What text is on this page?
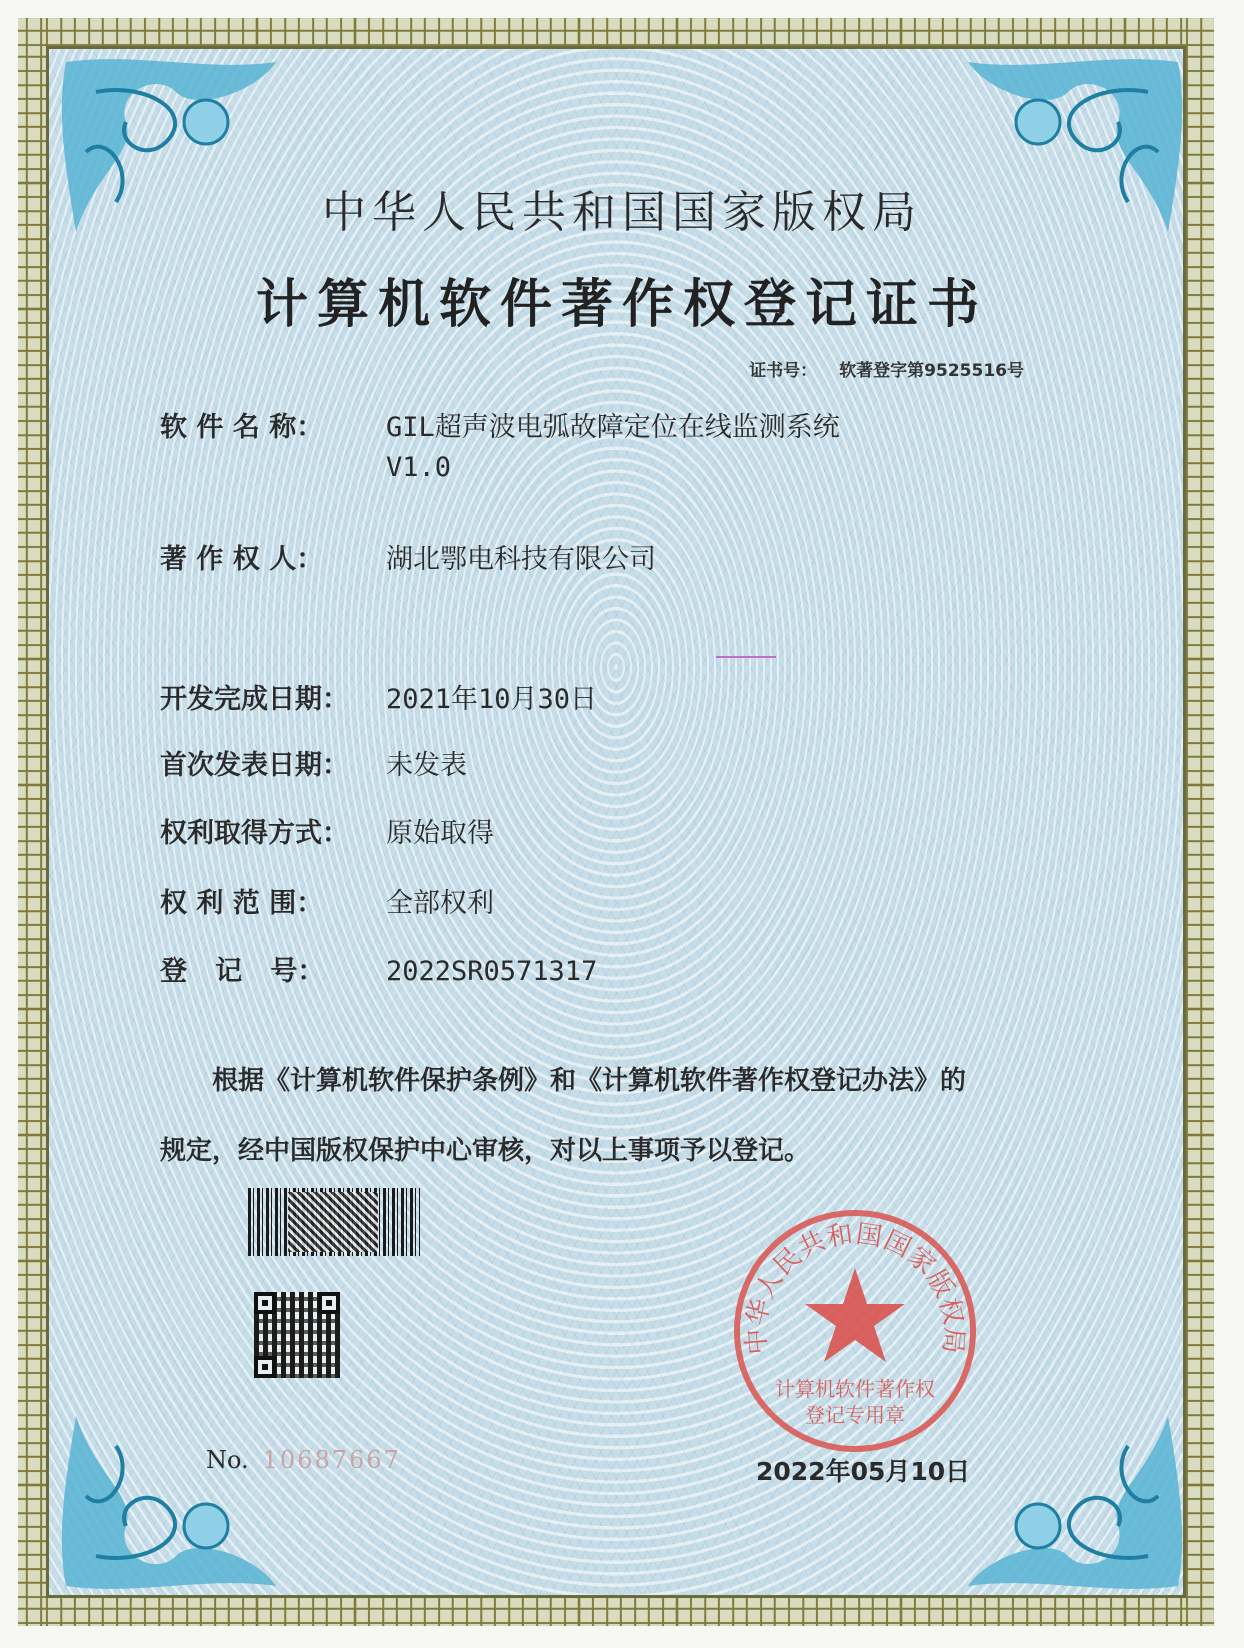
中华人民共和国国家版权局
计算机软件著作权登记证书
证书号： 软著登字第9525516号
软 件 名 称：	GIL超声波电弧故障定位在线监测系统
V1.0
著 作 权 人：	湖北鄂电科技有限公司
开发完成日期：	2021年10月30日
首次发表日期：	未发表
权利取得方式：	原始取得
权 利 范 围：	全部权利
登   记   号：	2022SR0571317
根据《计算机软件保护条例》和《计算机软件著作权登记办法》的
规定，经中国版权保护中心审核，对以上事项予以登记。
No. 10687667
中华人民共和国国家版权局
计算机软件著作权
登记专用章
2022年05月10日
